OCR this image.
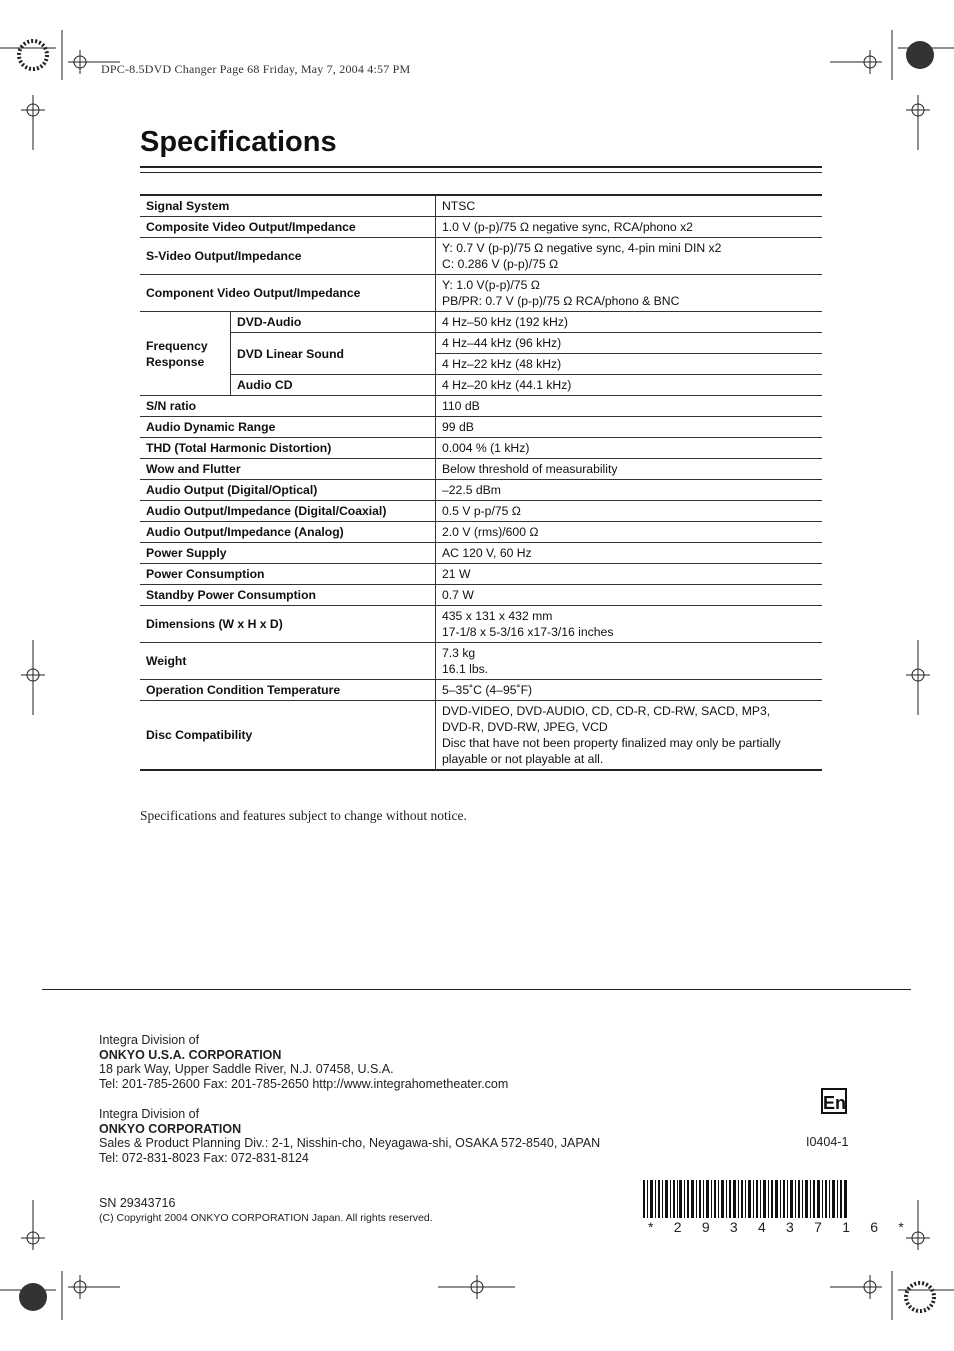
DPC-8.5DVD Changer Page 68 Friday, May 7, 2004 4:57 PM
Specifications
Signal System		NTSC
Composite Video Output/Impedance		1.0 V (p-p)/75 Ω negative sync, RCA/phono x2
S-Video Output/Impedance		Y: 0.7 V (p-p)/75 Ω negative sync, 4-pin mini DIN x2
C: 0.286 V (p-p)/75 Ω

Component Video Output/Impedance		Y: 1.0 V(p-p)/75 Ω
PB/PR: 0.7 V (p-p)/75 Ω RCA/phono & BNC

Frequency
Response	DVD-Audio	4 Hz–50 kHz (192 kHz)
	DVD Linear Sound	4 Hz–44 kHz (96 kHz)
		4 Hz–22 kHz (48 kHz)
	Audio CD	4 Hz–20 kHz (44.1 kHz)
S/N ratio		110 dB
Audio Dynamic Range		99 dB
THD (Total Harmonic Distortion)		0.004 % (1 kHz)
Wow and Flutter		Below threshold of measurability
Audio Output (Digital/Optical)		–22.5 dBm
Audio Output/Impedance (Digital/Coaxial)		0.5 V p-p/75 Ω
Audio Output/Impedance (Analog)		2.0 V (rms)/600 Ω
Power Supply		AC 120 V, 60 Hz
Power Consumption		21 W
Standby Power Consumption		0.7 W
Dimensions (W x H x D)		435 x 131 x 432 mm
17-1/8 x 5-3/16 x17-3/16 inches

Weight		7.3 kg
16.1 lbs.

Operation Condition Temperature		5–35˚C (4–95˚F)
Disc Compatibility		DVD-VIDEO, DVD-AUDIO, CD, CD-R, CD-RW, SACD, MP3,
DVD-R, DVD-RW, JPEG, VCD
Disc that have not been property finalized may only be partially
playable or not playable at all.
Specifications and features subject to change without notice.
Integra Division of
ONKYO U.S.A. CORPORATION
18 park Way, Upper Saddle River, N.J. 07458, U.S.A.
Tel: 201-785-2600 Fax: 201-785-2650 http://www.integrahometheater.com
Integra Division of
ONKYO CORPORATION
Sales & Product Planning Div.: 2-1, Nisshin-cho, Neyagawa-shi, OSAKA 572-8540, JAPAN
Tel: 072-831-8023 Fax: 072-831-8124
En
I0404-1
SN 29343716
(C) Copyright 2004 ONKYO CORPORATION Japan. All rights reserved.
* 2 9 3 4 3 7 1 6 *
